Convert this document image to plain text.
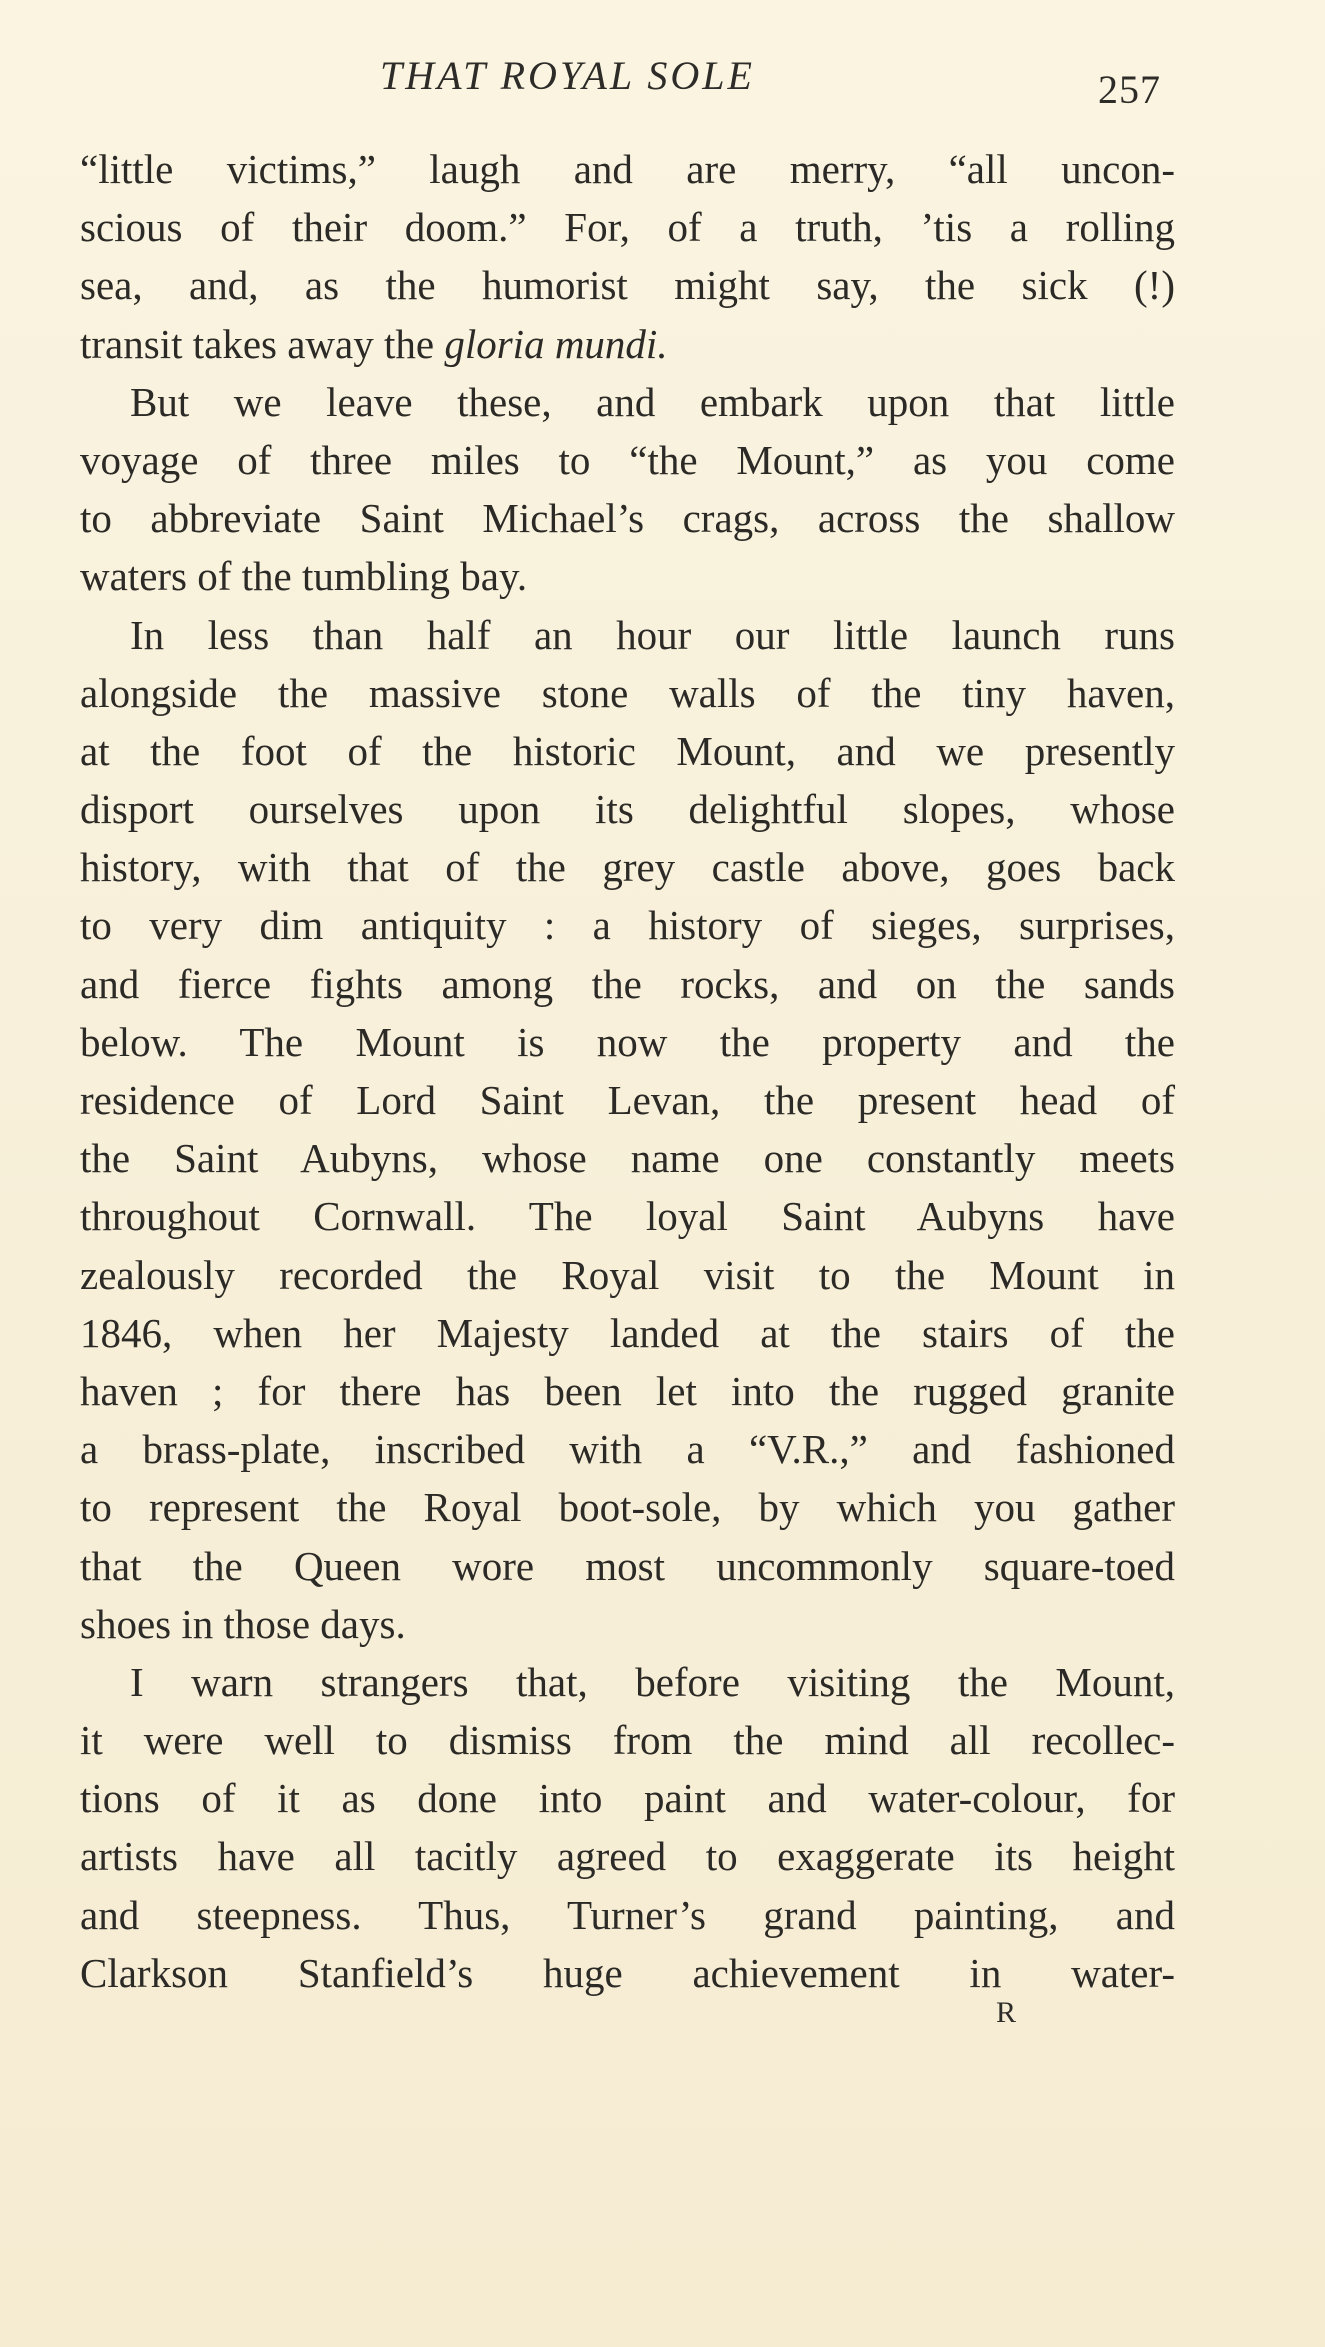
THAT ROYAL SOLE	257
“little victims,” laugh and are merry, “all uncon-
scious of their doom.” For, of a truth, ’tis a rolling
sea, and, as the humorist might say, the sick (!)
transit takes away the gloria mundi.
But we leave these, and embark upon that little
voyage of three miles to “the Mount,” as you come
to abbreviate Saint Michael’s crags, across the shallow
waters of the tumbling bay.
In less than half an hour our little launch runs
alongside the massive stone walls of the tiny haven,
at the foot of the historic Mount, and we presently
disport ourselves upon its delightful slopes, whose
history, with that of the grey castle above, goes back
to very dim antiquity : a history of sieges, surprises,
and fierce fights among the rocks, and on the sands
below. The Mount is now the property and the
residence of Lord Saint Levan, the present head of
the Saint Aubyns, whose name one constantly meets
throughout Cornwall. The loyal Saint Aubyns have
zealously recorded the Royal visit to the Mount in
1846, when her Majesty landed at the stairs of the
haven ; for there has been let into the rugged granite
a brass-plate, inscribed with a “V.R.,” and fashioned
to represent the Royal boot-sole, by which you gather
that the Queen wore most uncommonly square-toed
shoes in those days.
I warn strangers that, before visiting the Mount,
it were well to dismiss from the mind all recollec-
tions of it as done into paint and water-colour, for
artists have all tacitly agreed to exaggerate its height
and steepness. Thus, Turner’s grand painting, and
Clarkson Stanfield’s huge achievement in water-
R
